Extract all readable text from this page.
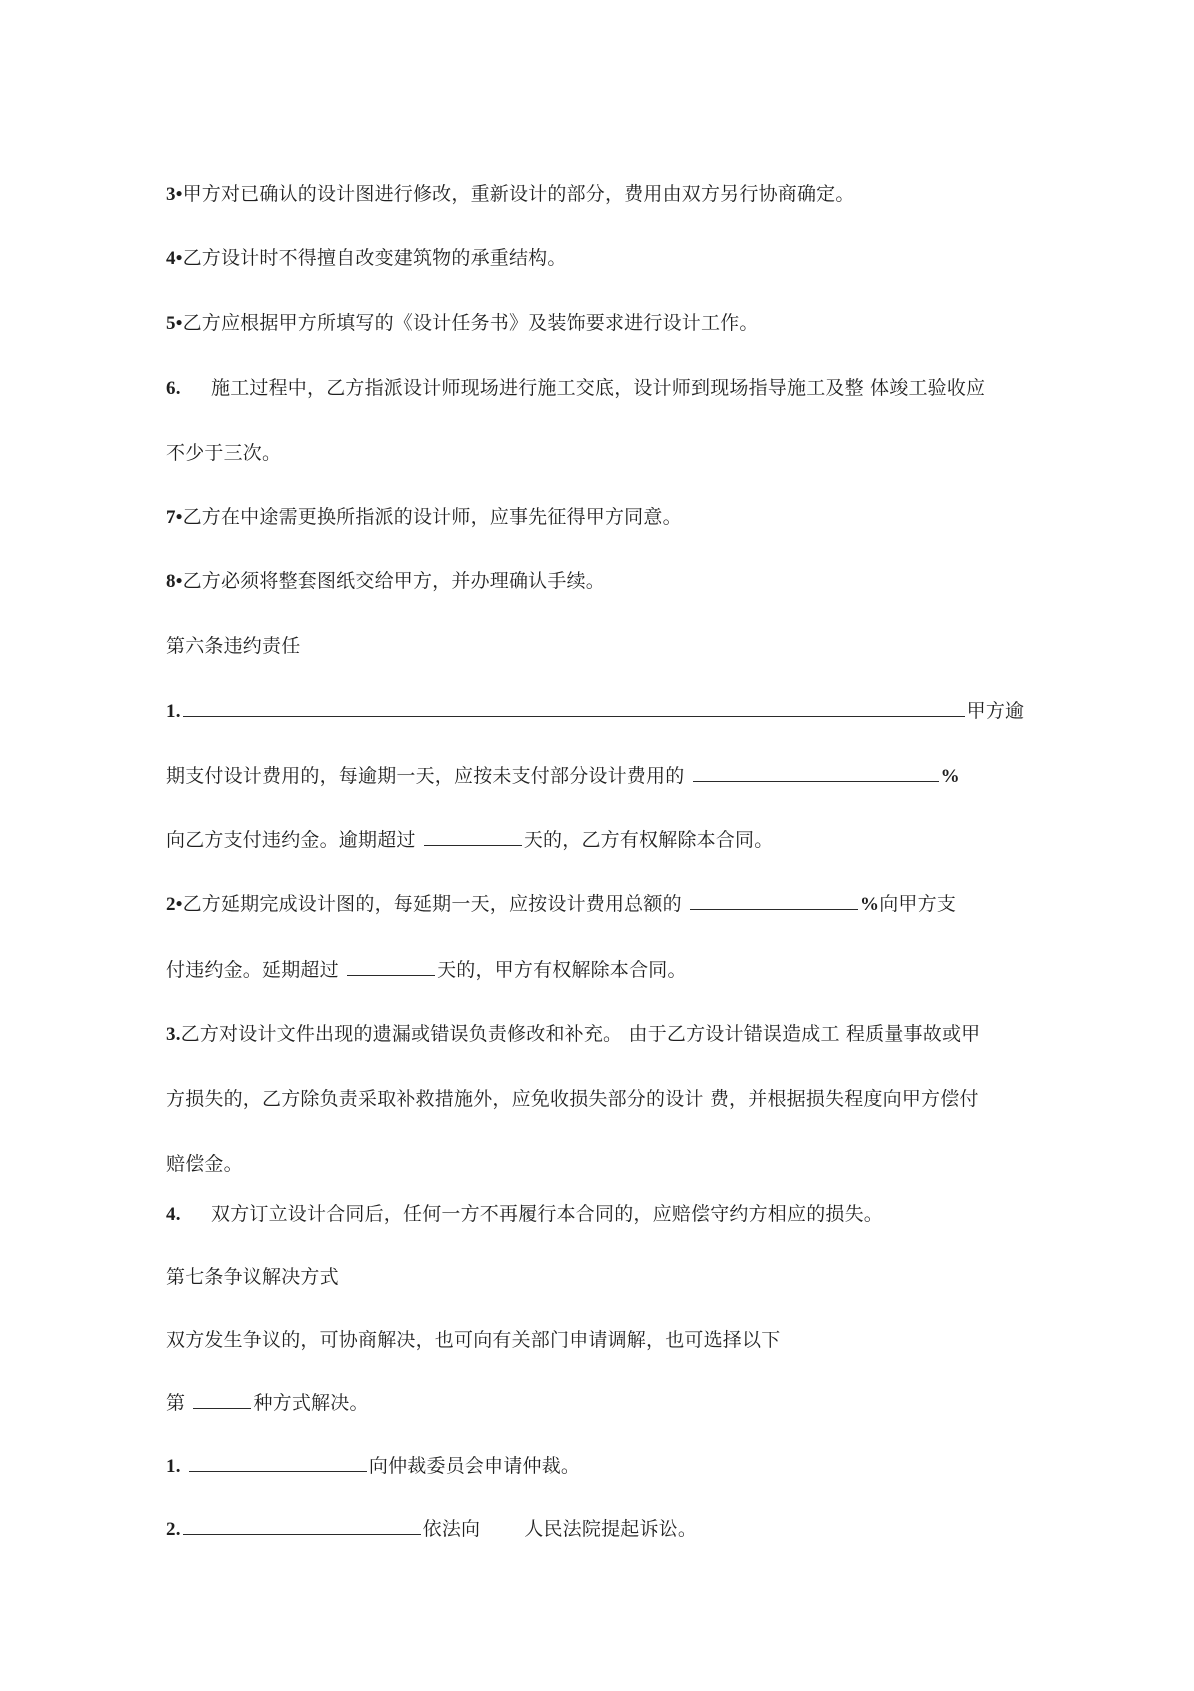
3•甲方对已确认的设计图进行修改，重新设计的部分，费用由双方另行协商确定。
4•乙方设计时不得擅自改变建筑物的承重结构。
5•乙方应根据甲方所填写的《设计任务书》及装饰要求进行设计工作。
6. 施工过程中，乙方指派设计师现场进行施工交底，设计师到现场指导施工及整 体竣工验收应
不少于三次。
7•乙方在中途需更换所指派的设计师，应事先征得甲方同意。
8•乙方必须将整套图纸交给甲方，并办理确认手续。
第六条违约责任
1.	甲方逾
期支付设计费用的，每逾期一天，应按未支付部分设计费用的	%
向乙方支付违约金。逾期超过	天的，乙方有权解除本合同。
2•乙方延期完成设计图的，每延期一天，应按设计费用总额的	%向甲方支
付违约金。延期超过	天的，甲方有权解除本合同。
3.乙方对设计文件出现的遗漏或错误负责修改和补充。 由于乙方设计错误造成工 程质量事故或甲
方损失的，乙方除负责采取补救措施外，应免收损失部分的设计 费，并根据损失程度向甲方偿付
赔偿金。
4. 双方订立设计合同后，任何一方不再履行本合同的，应赔偿守约方相应的损失。
第七条争议解决方式
双方发生争议的，可协商解决，也可向有关部门申请调解，也可选择以下
第	种方式解决。
1.	向仲裁委员会申请仲裁。
2.	依法向 人民法院提起诉讼。
